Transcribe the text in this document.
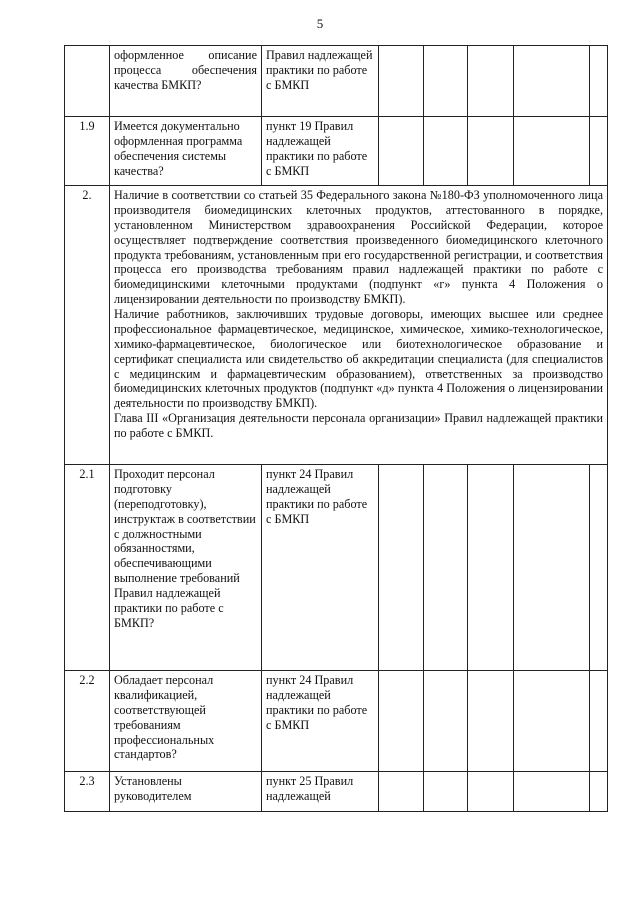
5
	оформленное описание процесса обеспечения качества БМКП?	Правил надлежащей практики по работе с БМКП					
1.9	Имеется документально оформленная программа обеспечения системы качества?	пункт 19 Правил надлежащей практики по работе с БМКП					
2.	Наличие в соответствии со статьей 35 Федерального закона №180-ФЗ уполномоченного лица производителя биомедицинских клеточных продуктов, аттестованного в порядке, установленном Министерством здравоохранения Российской Федерации, которое осуществляет подтверждение соответствия произведенного биомедицинского клеточного продукта требованиям, установленным при его государственной регистрации, и соответствия процесса его производства требованиям правил надлежащей практики по работе с биомедицинскими клеточными продуктами (подпункт «г» пункта 4 Положения о лицензировании деятельности по производству БМКП).

Наличие работников, заключивших трудовые договоры, имеющих высшее или среднее профессиональное фармацевтическое, медицинское, химическое, химико-технологическое, химико-фармацевтическое, биологическое или биотехнологическое образование и сертификат специалиста или свидетельство об аккредитации специалиста (для специалистов с медицинским и фармацевтическим образованием), ответственных за производство биомедицинских клеточных продуктов (подпункт «д» пункта 4 Положения о лицензировании деятельности по производству БМКП).

Глава III «Организация деятельности персонала организации» Правил надлежащей практики по работе с БМКП.						

2.1	Проходит персонал подготовку (переподготовку), инструктаж в соответствии с должностными обязанностями, обеспечивающими выполнение требований Правил надлежащей практики по работе с БМКП?	пункт 24 Правил надлежащей практики по работе с БМКП					
2.2	Обладает персонал квалификацией, соответствующей требованиям профессиональных стандартов?	пункт 24 Правил надлежащей практики по работе с БМКП					
2.3	Установлены руководителем	пункт 25 Правил надлежащей					
